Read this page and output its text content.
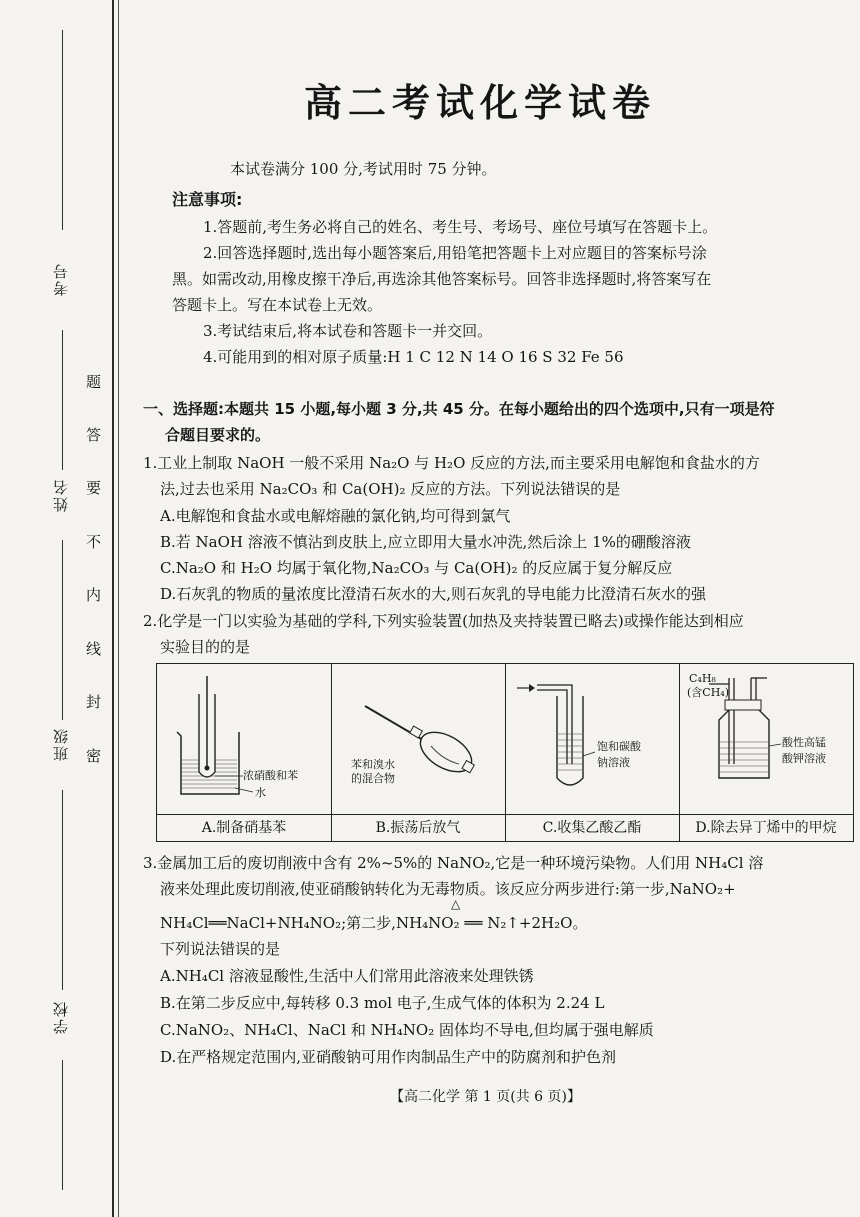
考号
姓名
班级
学校
密
封
线
内
不
要
答
题
高二考试化学试卷
本试卷满分 100 分,考试用时 75 分钟。
注意事项:
1.答题前,考生务必将自己的姓名、考生号、考场号、座位号填写在答题卡上。
2.回答选择题时,选出每小题答案后,用铅笔把答题卡上对应题目的答案标号涂
黑。如需改动,用橡皮擦干净后,再选涂其他答案标号。回答非选择题时,将答案写在
答题卡上。写在本试卷上无效。
3.考试结束后,将本试卷和答题卡一并交回。
4.可能用到的相对原子质量:H 1 C 12 N 14 O 16 S 32 Fe 56
一、选择题:本题共 15 小题,每小题 3 分,共 45 分。在每小题给出的四个选项中,只有一项是符
合题目要求的。
1.工业上制取 NaOH 一般不采用 Na₂O 与 H₂O 反应的方法,而主要采用电解饱和食盐水的方
法,过去也采用 Na₂CO₃ 和 Ca(OH)₂ 反应的方法。下列说法错误的是
A.电解饱和食盐水或电解熔融的氯化钠,均可得到氯气
B.若 NaOH 溶液不慎沾到皮肤上,应立即用大量水冲洗,然后涂上 1%的硼酸溶液
C.Na₂O 和 H₂O 均属于氧化物,Na₂CO₃ 与 Ca(OH)₂ 的反应属于复分解反应
D.石灰乳的物质的量浓度比澄清石灰水的大,则石灰乳的导电能力比澄清石灰水的强
2.化学是一门以实验为基础的学科,下列实验装置(加热及夹持装置已略去)或操作能达到相应
实验目的的是
浓硝酸和苯
水
A.制备硝基苯
苯和溴水
的混合物
B.振荡后放气
饱和碳酸
钠溶液
C.收集乙酸乙酯
C₄H₈
(含CH₄)
酸性高锰
酸钾溶液
D.除去异丁烯中的甲烷
3.金属加工后的废切削液中含有 2%~5%的 NaNO₂,它是一种环境污染物。人们用 NH₄Cl 溶
液来处理此废切削液,使亚硝酸钠转化为无毒物质。该反应分两步进行:第一步,NaNO₂+
△
NH₄Cl══NaCl+NH₄NO₂;第二步,NH₄NO₂ ══ N₂↑+2H₂O。
下列说法错误的是
A.NH₄Cl 溶液显酸性,生活中人们常用此溶液来处理铁锈
B.在第二步反应中,每转移 0.3 mol 电子,生成气体的体积为 2.24 L
C.NaNO₂、NH₄Cl、NaCl 和 NH₄NO₂ 固体均不导电,但均属于强电解质
D.在严格规定范围内,亚硝酸钠可用作肉制品生产中的防腐剂和护色剂
【高二化学 第 1 页(共 6 页)】
